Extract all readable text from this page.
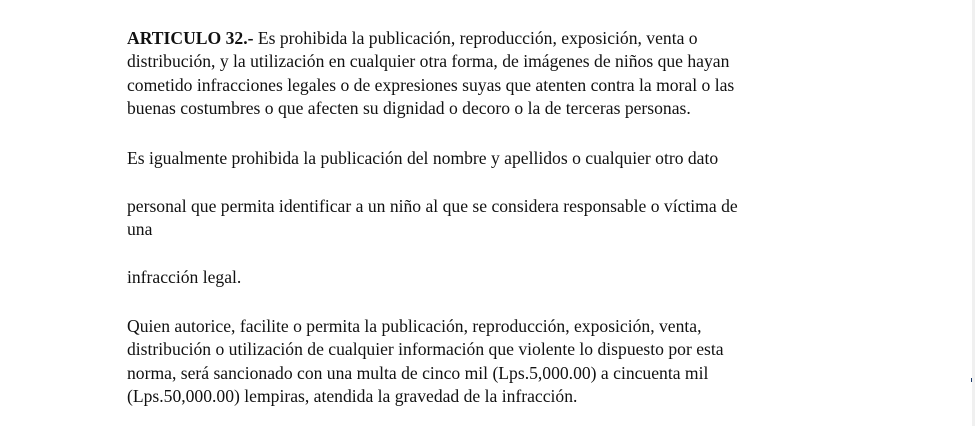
ARTICULO 32.- Es prohibida la publicación, reproducción, exposición, venta o
distribución, y la utilización en cualquier otra forma, de imágenes de niños que hayan
cometido infracciones legales o de expresiones suyas que atenten contra la moral o las
buenas costumbres o que afecten su dignidad o decoro o la de terceras personas.

Es igualmente prohibida la publicación del nombre y apellidos o cualquier otro dato

personal que permita identificar a un niño al que se considera responsable o víctima de
una

infracción legal.

Quien autorice, facilite o permita la publicación, reproducción, exposición, venta,
distribución o utilización de cualquier información que violente lo dispuesto por esta
norma, será sancionado con una multa de cinco mil (Lps.5,000.00) a cincuenta mil
(Lps.50,000.00) lempiras, atendida la gravedad de la infracción.
